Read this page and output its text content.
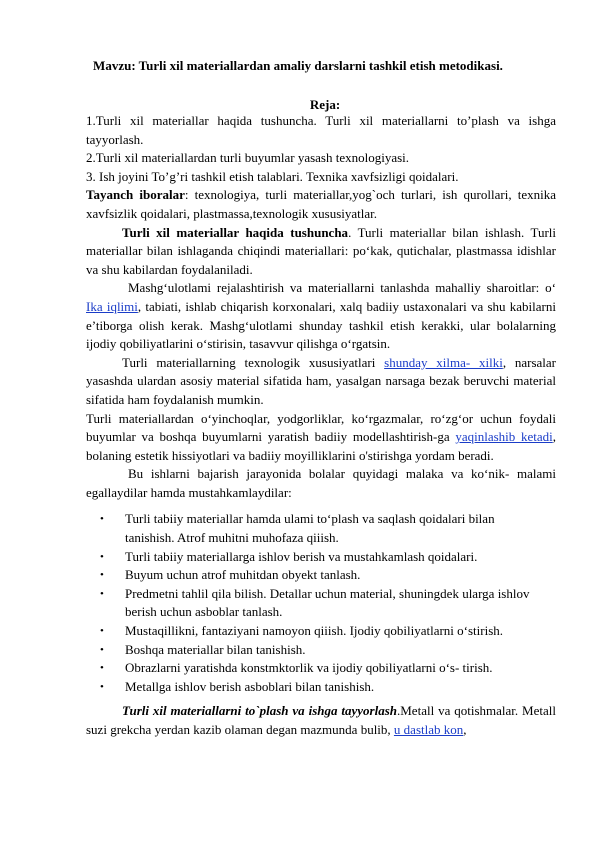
Mavzu: Turli xil materiallardan amaliy darslarni tashkil etish metodikasi.
Reja:

1.Turli xil materiallar haqida tushuncha. Turli xil materiallarni to’plash va ishga tayyorlash.

2.Turli xil materiallardan turli buyumlar yasash texnologiyasi.

3. Ish joyini To’g’ri tashkil etish talablari. Texnika xavfsizligi qoidalari.

Tayanch iboralar: texnologiya, turli materiallar,yog`och turlari, ish qurollari, texnika xavfsizlik qoidalari, plastmassa,texnologik xususiyatlar.

Turli xil materiallar haqida tushuncha. Turli materiallar bilan ishlash. Turli materiallar bilan ishlaganda chiqindi materiallari: po‘kak, qutichalar, plastmassa idishlar va shu kabilardan foydalaniladi.

Mashg‘ulotlami rejalashtirish va materiallarni tanlashda mahalliy sharoitlar: o‘ Ika iqlimi, tabiati, ishlab chiqarish korxonalari, xalq badiiy ustaxonalari va shu kabilarni e’tiborga olish kerak. Mashg‘ulotlami shunday tashkil etish kerakki, ular bolalarning ijodiy qobiliyatlarini o‘stirisin, tasavvur qilishga o‘rgatsin.

Turli materiallarning texnologik xususiyatlari shunday xilma- xilki, narsalar yasashda ulardan asosiy material sifatida ham, yasalgan narsaga bezak beruvchi material sifatida ham foydalanish mumkin.

Turli materiallardan o‘yinchoqlar, yodgorliklar, ko‘rgazmalar, ro‘zg‘or uchun foydali buyumlar va boshqa buyumlarni yaratish badiiy modellashtirish-ga yaqinlashib ketadi, bolaning estetik hissiyotlari va badiiy moyilliklarini o'stirishga yordam beradi.

Bu ishlarni bajarish jarayonida bolalar quyidagi malaka va ko‘nik- malami egallaydilar hamda mustahkamlaydilar:

• Turli tabiiy materiallar hamda ulami to‘plash va saqlash qoidalari bilan tanishish. Atrof muhitni muhofaza qiiish.
• Turli tabiiy materiallarga ishlov berish va mustahkamlash qoidalari.
• Buyum uchun atrof muhitdan obyekt tanlash.
• Predmetni tahlil qila bilish. Detallar uchun material, shuningdek ularga ishlov berish uchun asboblar tanlash.
• Mustaqillikni, fantaziyani namoyon qiiish. Ijodiy qobiliyatlarni o‘stirish.
• Boshqa materiallar bilan tanishish.
• Obrazlarni yaratishda konstmktorlik va ijodiy qobiliyatlarni o‘s- tirish.
• Metallga ishlov berish asboblari bilan tanishish.

Turli xil materiallarni to`plash va ishga tayyorlash.Metall va qotishmalar. Metall suzi grekcha yerdan kazib olaman degan mazmunda bulib, u dastlab kon,
